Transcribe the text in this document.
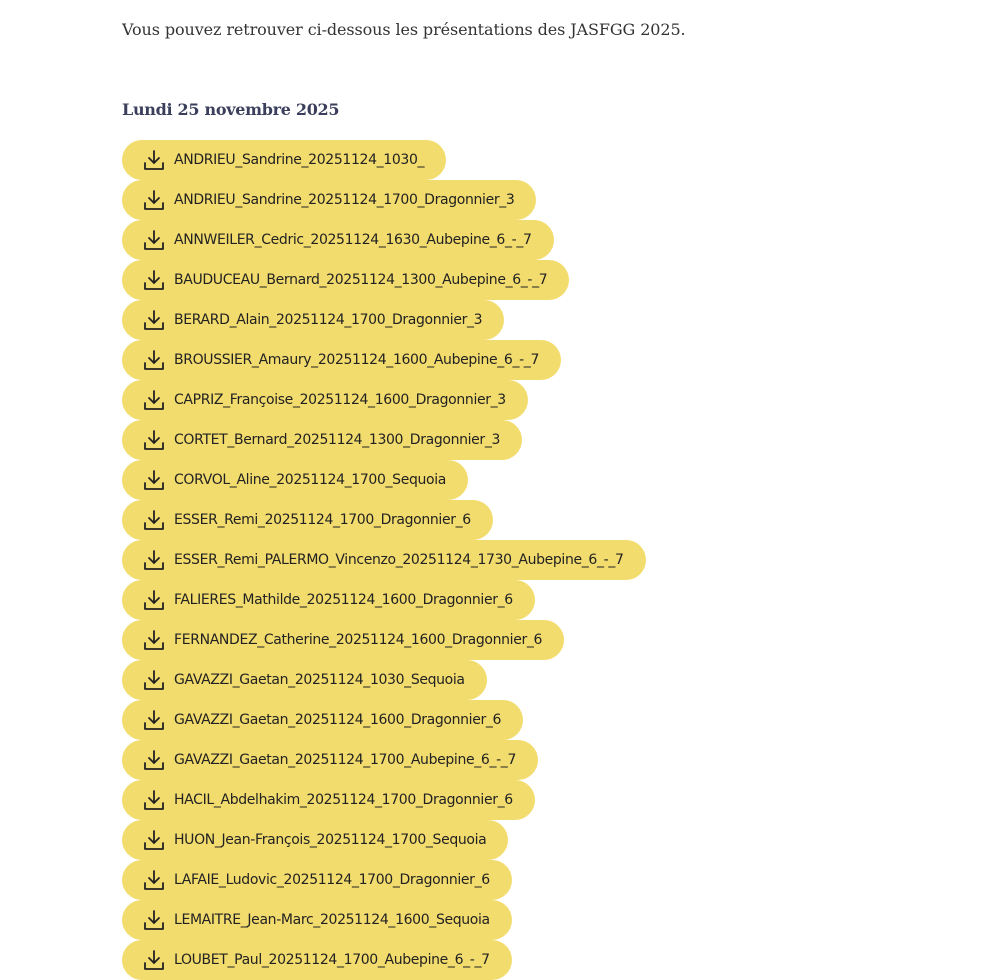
Vous pouvez retrouver ci-dessous les présentations des JASFGG 2025.

Lundi 25 novembre 2025
ANDRIEU_Sandrine_20251124_1030_
ANDRIEU_Sandrine_20251124_1700_Dragonnier_3
ANNWEILER_Cedric_20251124_1630_Aubepine_6_-_7
BAUDUCEAU_Bernard_20251124_1300_Aubepine_6_-_7
BERARD_Alain_20251124_1700_Dragonnier_3
BROUSSIER_Amaury_20251124_1600_Aubepine_6_-_7
CAPRIZ_Françoise_20251124_1600_Dragonnier_3
CORTET_Bernard_20251124_1300_Dragonnier_3
CORVOL_Aline_20251124_1700_Sequoia
ESSER_Remi_20251124_1700_Dragonnier_6
ESSER_Remi_PALERMO_Vincenzo_20251124_1730_Aubepine_6_-_7
FALIERES_Mathilde_20251124_1600_Dragonnier_6
FERNANDEZ_Catherine_20251124_1600_Dragonnier_6
GAVAZZI_Gaetan_20251124_1030_Sequoia
GAVAZZI_Gaetan_20251124_1600_Dragonnier_6
GAVAZZI_Gaetan_20251124_1700_Aubepine_6_-_7
HACIL_Abdelhakim_20251124_1700_Dragonnier_6
HUON_Jean-François_20251124_1700_Sequoia
LAFAIE_Ludovic_20251124_1700_Dragonnier_6
LEMAITRE_Jean-Marc_20251124_1600_Sequoia
LOUBET_Paul_20251124_1700_Aubepine_6_-_7
